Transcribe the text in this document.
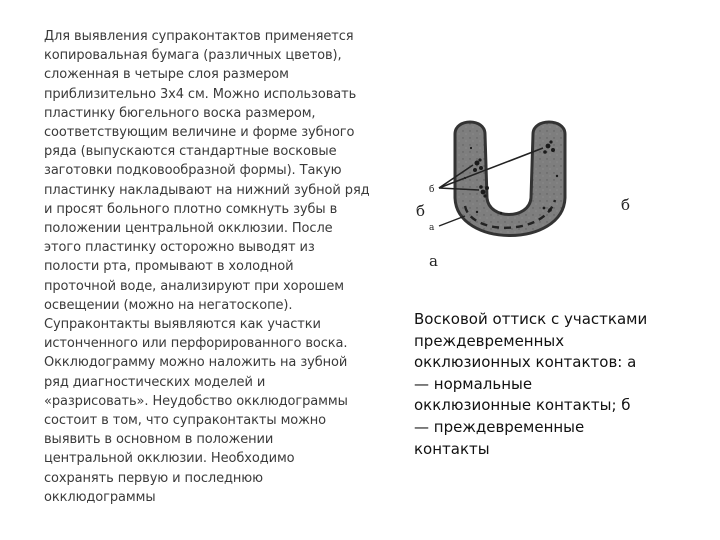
Для выявления супраконтактов применяется
копировальная бумага (различных цветов),
сложенная в четыре слоя размером
приблизительно 3х4 см. Можно использовать
пластинку бюгельного воска размером,
соответствующим величине и форме зубного
ряда (выпускаются стандартные восковые
заготовки подковообразной формы). Такую
пластинку накладывают на нижний зубной ряд
и просят больного плотно сомкнуть зубы в
положении центральной окклюзии. После
этого пластинку осторожно выводят из
полости рта, промывают в холодной
проточной воде, анализируют при хорошем
освещении (можно на негатоскопе).
Супраконтакты выявляются как участки
истонченного или перфорированного воска.
Окклюдограмму можно наложить на зубной
ряд диагностических моделей и
«разрисовать». Неудобство окклюдограммы
состоит в том, что супраконтакты можно
выявить в основном в положении
центральной окклюзии. Необходимо
сохранять первую и последнюю
окклюдограммы
б
а
б	б
а
Восковой оттиск с участками
преждевременных
окклюзионных контактов: а
— нормальные
окклюзионные контакты; б
— преждевременные
контакты
